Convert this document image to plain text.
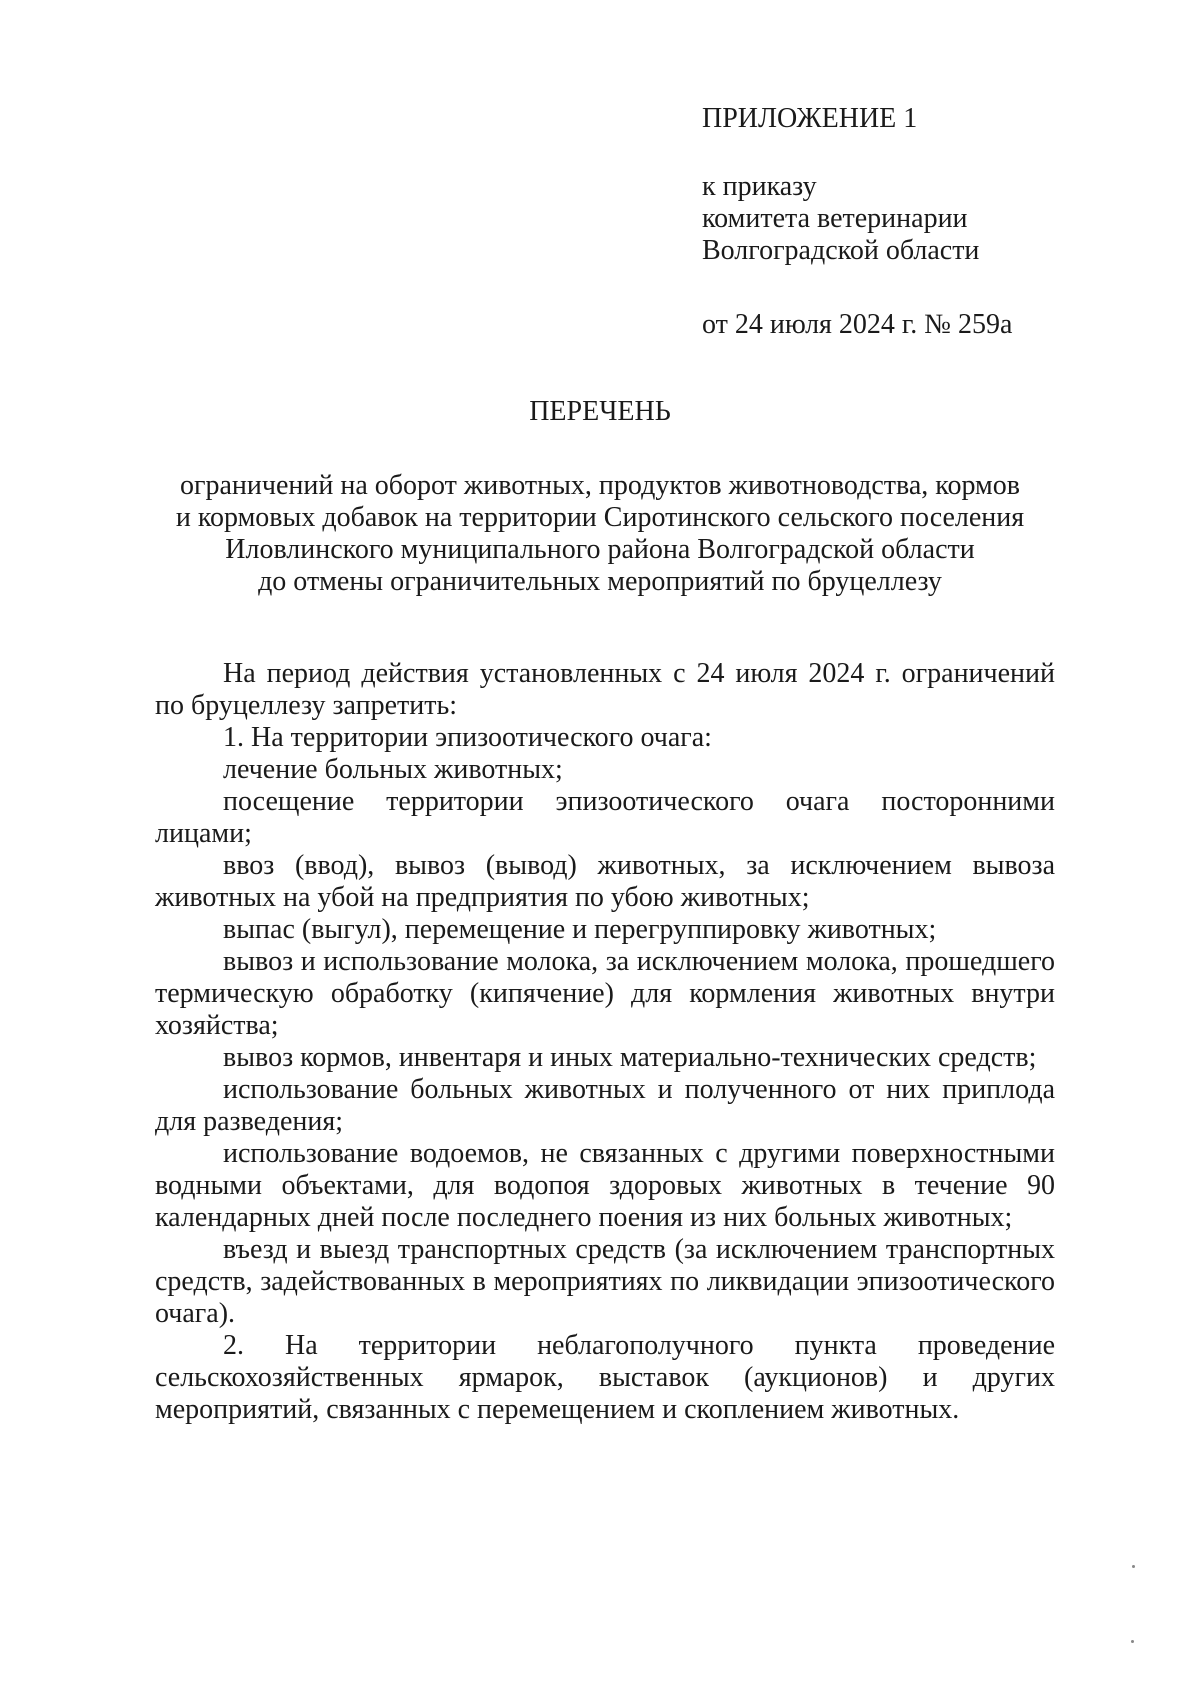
ПРИЛОЖЕНИЕ 1
к приказу
комитета ветеринарии
Волгоградской области
от 24 июля 2024 г. № 259а
ПЕРЕЧЕНЬ
ограничений на оборот животных, продуктов животноводства, кормов
и кормовых добавок на территории Сиротинского сельского поселения
Иловлинского муниципального района Волгоградской области
до отмены ограничительных мероприятий по бруцеллезу

На период действия установленных с 24 июля 2024 г. ограничений по бруцеллезу запретить:

1. На территории эпизоотического очага:

лечение больных животных;

посещение территории эпизоотического очага посторонними лицами;

ввоз (ввод), вывоз (вывод) животных, за исключением вывоза животных на убой на предприятия по убою животных;

выпас (выгул), перемещение и перегруппировку животных;

вывоз и использование молока, за исключением молока, прошедшего термическую обработку (кипячение) для кормления животных внутри хозяйства;

вывоз кормов, инвентаря и иных материально-технических средств;

использование больных животных и полученного от них приплода для разведения;

использование водоемов, не связанных с другими поверхностными водными объектами, для водопоя здоровых животных в течение 90 календарных дней после последнего поения из них больных животных;

въезд и выезд транспортных средств (за исключением транспортных средств, задействованных в мероприятиях по ликвидации эпизоотического очага).

2. На территории неблагополучного пункта проведение сельскохозяйственных ярмарок, выставок (аукционов) и других мероприятий, связанных с перемещением и скоплением животных.
